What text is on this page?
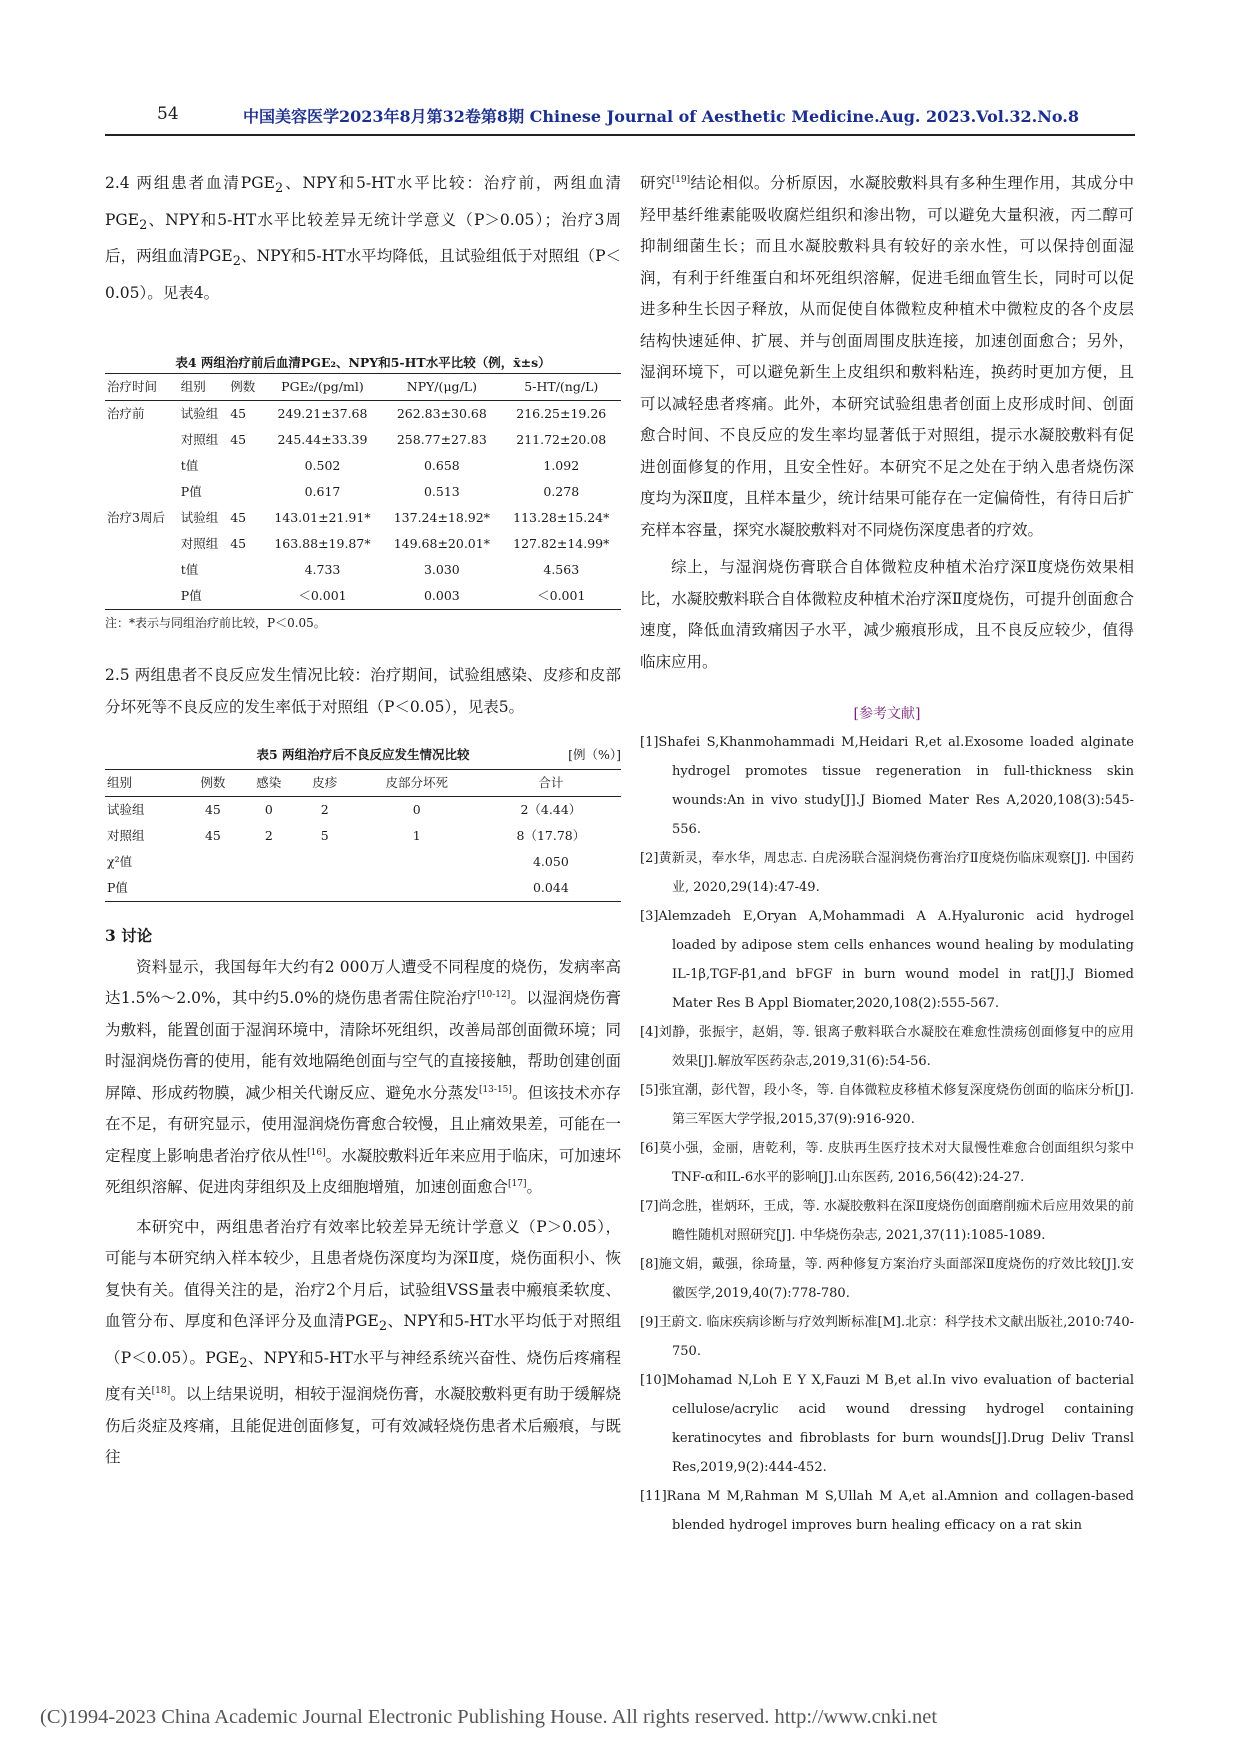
54	中国美容医学2023年8月第32卷第8期 Chinese Journal of Aesthetic Medicine.Aug. 2023.Vol.32.No.8

2.4 两组患者血清$PGE_2$、NPY和5-HT水平比较：治疗前，两组血清$PGE_2$、NPY和5-HT水平比较差异无统计学意义（P＞0.05）；治疗3周后，两组血清$PGE_2$、NPY和5-HT水平均降低，且试验组低于对照组（P＜0.05）。见表4。

表4 两组治疗前后血清PGE₂、NPY和5-HT水平比较（例，x̄±s）
治疗时间	组别	例数	PGE₂/(pg/ml)	NPY/(μg/L)	5-HT/(ng/L)
治疗前	试验组	45	249.21±37.68	262.83±30.68	216.25±19.26
	对照组	45	245.44±33.39	258.77±27.83	211.72±20.08
	t值		0.502	0.658	1.092
	P值		0.617	0.513	0.278
治疗3周后	试验组	45	143.01±21.91*	137.24±18.92*	113.28±15.24*
	对照组	45	163.88±19.87*	149.68±20.01*	127.82±14.99*
	t值		4.733	3.030	4.563
	P值		＜0.001	0.003	＜0.001
注：*表示与同组治疗前比较，P＜0.05。

2.5 两组患者不良反应发生情况比较：治疗期间，试验组感染、皮疹和皮部分坏死等不良反应的发生率低于对照组（P＜0.05），见表5。

表5 两组治疗后不良反应发生情况比较	[例（%）]
组别	例数	感染	皮疹	皮部分坏死	合计
试验组	45	0	2	0	2（4.44）
对照组	45	2	5	1	8（17.78）
χ²值					4.050
P值					0.044
3 讨论

资料显示，我国每年大约有2 000万人遭受不同程度的烧伤，发病率高达1.5%～2.0%，其中约5.0%的烧伤患者需住院治疗[10-12]。以湿润烧伤膏为敷料，能置创面于湿润环境中，清除坏死组织，改善局部创面微环境；同时湿润烧伤膏的使用，能有效地隔绝创面与空气的直接接触，帮助创建创面屏障、形成药物膜，减少相关代谢反应、避免水分蒸发[13-15]。但该技术亦存在不足，有研究显示，使用湿润烧伤膏愈合较慢，且止痛效果差，可能在一定程度上影响患者治疗依从性[16]。水凝胶敷料近年来应用于临床，可加速坏死组织溶解、促进肉芽组织及上皮细胞增殖，加速创面愈合[17]。

本研究中，两组患者治疗有效率比较差异无统计学意义（P＞0.05），可能与本研究纳入样本较少，且患者烧伤深度均为深Ⅱ度，烧伤面积小、恢复快有关。值得关注的是，治疗2个月后，试验组VSS量表中瘢痕柔软度、血管分布、厚度和色泽评分及血清$PGE_2$、NPY和5-HT水平均低于对照组（P＜0.05）。$PGE_2$、NPY和5-HT水平与神经系统兴奋性、烧伤后疼痛程度有关[18]。以上结果说明，相较于湿润烧伤膏，水凝胶敷料更有助于缓解烧伤后炎症及疼痛，且能促进创面修复，可有效减轻烧伤患者术后瘢痕，与既往

研究[19]结论相似。分析原因，水凝胶敷料具有多种生理作用，其成分中羟甲基纤维素能吸收腐烂组织和渗出物，可以避免大量积液，丙二醇可抑制细菌生长；而且水凝胶敷料具有较好的亲水性，可以保持创面湿润，有利于纤维蛋白和坏死组织溶解，促进毛细血管生长，同时可以促进多种生长因子释放，从而促使自体微粒皮种植术中微粒皮的各个皮层结构快速延伸、扩展、并与创面周围皮肤连接，加速创面愈合；另外，湿润环境下，可以避免新生上皮组织和敷料粘连，换药时更加方便，且可以减轻患者疼痛。此外，本研究试验组患者创面上皮形成时间、创面愈合时间、不良反应的发生率均显著低于对照组，提示水凝胶敷料有促进创面修复的作用，且安全性好。本研究不足之处在于纳入患者烧伤深度均为深Ⅱ度，且样本量少，统计结果可能存在一定偏倚性，有待日后扩充样本容量，探究水凝胶敷料对不同烧伤深度患者的疗效。

综上，与湿润烧伤膏联合自体微粒皮种植术治疗深Ⅱ度烧伤效果相比，水凝胶敷料联合自体微粒皮种植术治疗深Ⅱ度烧伤，可提升创面愈合速度，降低血清致痛因子水平，减少瘢痕形成，且不良反应较少，值得临床应用。

[参考文献]
[1]Shafei S,Khanmohammadi M,Heidari R,et al.Exosome loaded alginate hydrogel promotes tissue regeneration in full-thickness skin wounds:An in vivo study[J].J Biomed Mater Res A,2020,108(3):545-556.
[2]黄新灵，奉水华，周忠志. 白虎汤联合湿润烧伤膏治疗Ⅱ度烧伤临床观察[J]. 中国药业, 2020,29(14):47-49.
[3]Alemzadeh E,Oryan A,Mohammadi A A.Hyaluronic acid hydrogel loaded by adipose stem cells enhances wound healing by modulating IL-1β,TGF-β1,and bFGF in burn wound model in rat[J].J Biomed Mater Res B Appl Biomater,2020,108(2):555-567.
[4]刘静，张振宇，赵娟，等. 银离子敷料联合水凝胶在难愈性溃疡创面修复中的应用效果[J].解放军医药杂志,2019,31(6):54-56.
[5]张宜潮，彭代智，段小冬，等. 自体微粒皮移植术修复深度烧伤创面的临床分析[J].第三军医大学学报,2015,37(9):916-920.
[6]莫小强，金丽，唐乾利，等. 皮肤再生医疗技术对大鼠慢性难愈合创面组织匀浆中TNF-α和IL-6水平的影响[J].山东医药, 2016,56(42):24-27.
[7]尚念胜，崔炳环，王成，等. 水凝胶敷料在深Ⅱ度烧伤创面磨削痂术后应用效果的前瞻性随机对照研究[J]. 中华烧伤杂志, 2021,37(11):1085-1089.
[8]施文娟，戴强，徐琦量，等. 两种修复方案治疗头面部深Ⅱ度烧伤的疗效比较[J].安徽医学,2019,40(7):778-780.
[9]王蔚文. 临床疾病诊断与疗效判断标准[M].北京：科学技术文献出版社,2010:740-750.
[10]Mohamad N,Loh E Y X,Fauzi M B,et al.In vivo evaluation of bacterial cellulose/acrylic acid wound dressing hydrogel containing keratinocytes and fibroblasts for burn wounds[J].Drug Deliv Transl Res,2019,9(2):444-452.
[11]Rana M M,Rahman M S,Ullah M A,et al.Amnion and collagen-based blended hydrogel improves burn healing efficacy on a rat skin
(C)1994-2023 China Academic Journal Electronic Publishing House. All rights reserved. http://www.cnki.net
